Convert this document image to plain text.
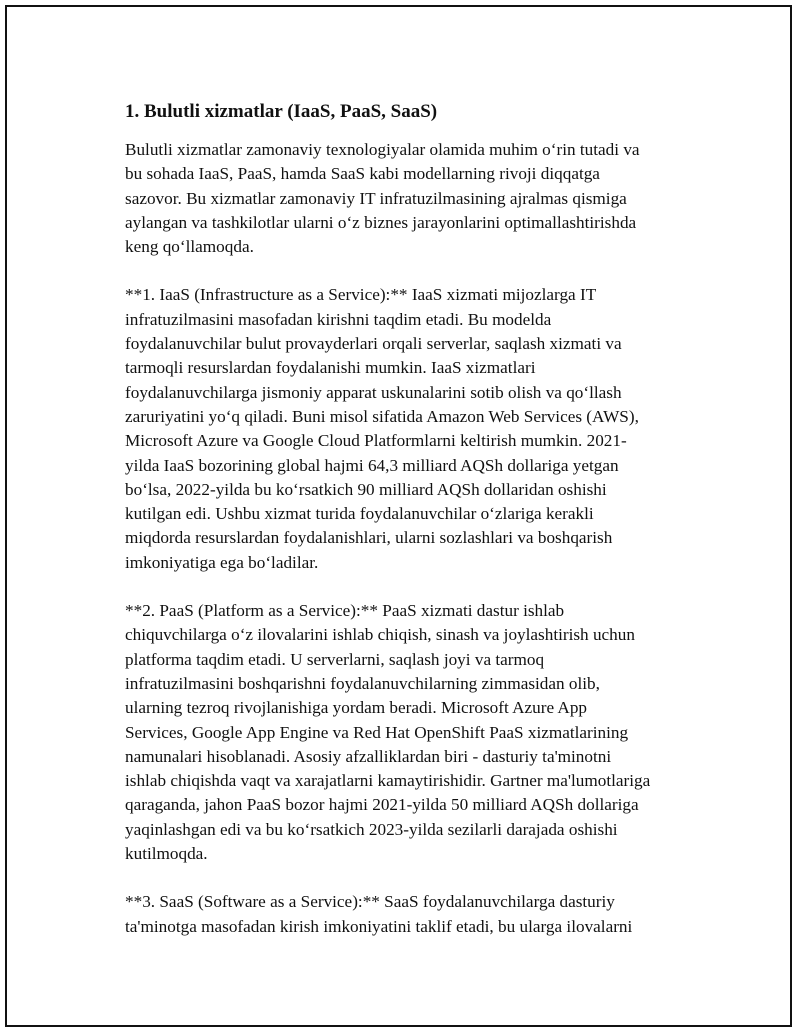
1. Bulutli xizmatlar (IaaS, PaaS, SaaS)
Bulutli xizmatlar zamonaviy texnologiyalar olamida muhim o‘rin tutadi va
bu sohada IaaS, PaaS, hamda SaaS kabi modellarning rivoji diqqatga
sazovor. Bu xizmatlar zamonaviy IT infratuzilmasining ajralmas qismiga
aylangan va tashkilotlar ularni o‘z biznes jarayonlarini optimallashtirishda
keng qo‘llamoqda.
**1. IaaS (Infrastructure as a Service):** IaaS xizmati mijozlarga IT
infratuzilmasini masofadan kirishni taqdim etadi. Bu modelda
foydalanuvchilar bulut provayderlari orqali serverlar, saqlash xizmati va
tarmoqli resurslardan foydalanishi mumkin. IaaS xizmatlari
foydalanuvchilarga jismoniy apparat uskunalarini sotib olish va qo‘llash
zaruriyatini yo‘q qiladi. Buni misol sifatida Amazon Web Services (AWS),
Microsoft Azure va Google Cloud Platformlarni keltirish mumkin. 2021-
yilda IaaS bozorining global hajmi 64,3 milliard AQSh dollariga yetgan
bo‘lsa, 2022-yilda bu ko‘rsatkich 90 milliard AQSh dollaridan oshishi
kutilgan edi. Ushbu xizmat turida foydalanuvchilar o‘zlariga kerakli
miqdorda resurslardan foydalanishlari, ularni sozlashlari va boshqarish
imkoniyatiga ega bo‘ladilar.
**2. PaaS (Platform as a Service):** PaaS xizmati dastur ishlab
chiquvchilarga o‘z ilovalarini ishlab chiqish, sinash va joylashtirish uchun
platforma taqdim etadi. U serverlarni, saqlash joyi va tarmoq
infratuzilmasini boshqarishni foydalanuvchilarning zimmasidan olib,
ularning tezroq rivojlanishiga yordam beradi. Microsoft Azure App
Services, Google App Engine va Red Hat OpenShift PaaS xizmatlarining
namunalari hisoblanadi. Asosiy afzalliklardan biri - dasturiy ta'minotni
ishlab chiqishda vaqt va xarajatlarni kamaytirishidir. Gartner ma'lumotlariga
qaraganda, jahon PaaS bozor hajmi 2021-yilda 50 milliard AQSh dollariga
yaqinlashgan edi va bu ko‘rsatkich 2023-yilda sezilarli darajada oshishi
kutilmoqda.
**3. SaaS (Software as a Service):** SaaS foydalanuvchilarga dasturiy
ta'minotga masofadan kirish imkoniyatini taklif etadi, bu ularga ilovalarni
